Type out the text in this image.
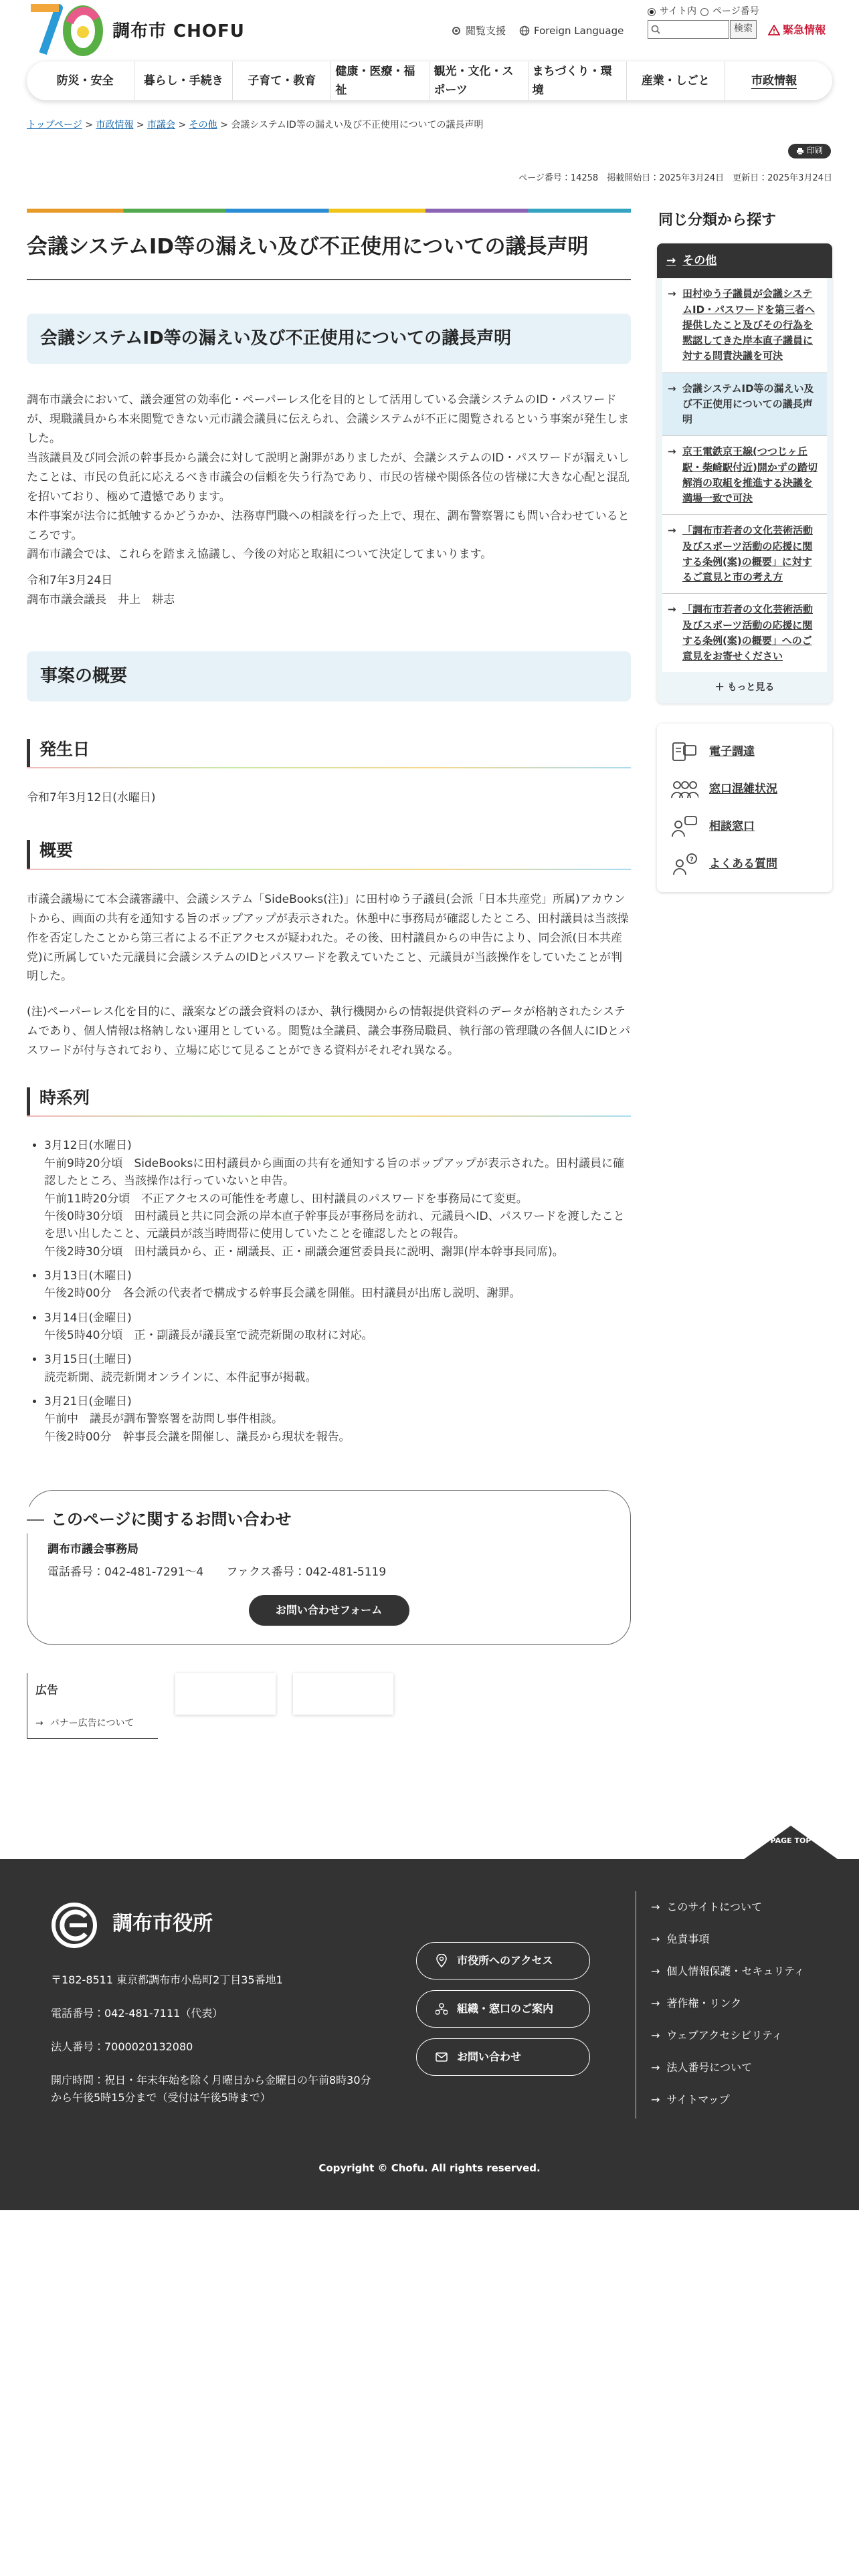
調布市 CHOFU
サイト内 ページ番号
閲覧支援	Foreign Language	検索	緊急情報
防災・安全	暮らし・手続き	子育て・教育
健康・医療・福祉
観光・文化・スポーツ
まちづくり・環境
産業・しごと	市政情報
トップページ > 市政情報 > 市議会 > その他 > 会議システムID等の漏えい及び不正使用についての議長声明
印刷
ページ番号：14258　掲載開始日：2025年3月24日　更新日：2025年3月24日
会議システムID等の漏えい及び不正使用についての議長声明
会議システムID等の漏えい及び不正使用についての議長声明

調布市議会において、議会運営の効率化・ペーパーレス化を目的として活用している会議システムのID・パスワードが、現職議員から本来閲覧できない元市議会議員に伝えられ、会議システムが不正に閲覧されるという事案が発生しました。

当該議員及び同会派の幹事長から議会に対して説明と謝罪がありましたが、会議システムのID・パスワードが漏えいしたことは、市民の負託に応えるべき市議会の信頼を失う行為であり、市民の皆様や関係各位の皆様に大きな心配と混乱を招いており、極めて遺憾であります。

本件事案が法令に抵触するかどうかか、法務専門職への相談を行った上で、現在、調布警察署にも問い合わせているところです。

調布市議会では、これらを踏まえ協議し、今後の対応と取組について決定してまいります。

令和7年3月24日

調布市議会議長　井上　耕志

事案の概要
発生日

令和7年3月12日(水曜日)

概要

市議会議場にて本会議審議中、会議システム「SideBooks(注)」に田村ゆう子議員(会派「日本共産党」所属)アカウントから、画面の共有を通知する旨のポップアップが表示された。休憩中に事務局が確認したところ、田村議員は当該操作を否定したことから第三者による不正アクセスが疑われた。その後、田村議員からの申告により、同会派(日本共産党)に所属していた元議員に会議システムのIDとパスワードを教えていたこと、元議員が当該操作をしていたことが判明した。

(注)ペーパーレス化を目的に、議案などの議会資料のほか、執行機関からの情報提供資料のデータが格納されたシステムであり、個人情報は格納しない運用としている。閲覧は全議員、議会事務局職員、執行部の管理職の各個人にIDとパスワードが付与されており、立場に応じて見ることができる資料がそれぞれ異なる。

時系列
• 3月12日(水曜日)
午前9時20分頃　SideBooksに田村議員から画面の共有を通知する旨のポップアップが表示された。田村議員に確認したところ、当該操作は行っていないと申告。
午前11時20分頃　不正アクセスの可能性を考慮し、田村議員のパスワードを事務局にて変更。
午後0時30分頃　田村議員と共に同会派の岸本直子幹事長が事務局を訪れ、元議員へID、パスワードを渡したことを思い出したこと、元議員が該当時間帯に使用していたことを確認したとの報告。
午後2時30分頃　田村議員から、正・副議長、正・副議会運営委員長に説明、謝罪(岸本幹事長同席)。
• 3月13日(木曜日)
午後2時00分　各会派の代表者で構成する幹事長会議を開催。田村議員が出席し説明、謝罪。
• 3月14日(金曜日)
午後5時40分頃　正・副議長が議長室で読売新聞の取材に対応。
• 3月15日(土曜日)
読売新聞、読売新聞オンラインに、本件記事が掲載。
• 3月21日(金曜日)
午前中　議長が調布警察署を訪問し事件相談。
午後2時00分　幹事長会議を開催し、議長から現状を報告。
このページに関するお問い合わせ
調布市議会事務局
電話番号：042-481-7291～4　　ファクス番号：042-481-5119
お問い合わせフォーム
広告
→ バナー広告について
同じ分類から探す
→ その他
→ 田村ゆう子議員が会議システムID・パスワードを第三者へ提供したこと及びその行為を黙認してきた岸本直子議員に対する問責決議を可決
→ 会議システムID等の漏えい及び不正使用についての議長声明
→ 京王電鉄京王線(つつじヶ丘駅・柴崎駅付近)開かずの踏切解消の取組を推進する決議を満場一致で可決
→ 「調布市若者の文化芸術活動及びスポーツ活動の応援に関する条例(案)の概要」に対するご意見と市の考え方
→ 「調布市若者の文化芸術活動及びスポーツ活動の応援に関する条例(案)の概要」へのご意見をお寄せください
＋ もっと見る
電子調達
窓口混雑状況
相談窓口
? よくある質問
PAGE TOP
調布市役所
〒182-8511 東京都調布市小島町2丁目35番地1
電話番号：042-481-7111（代表）
法人番号：7000020132080
開庁時間：祝日・年末年始を除く月曜日から金曜日の午前8時30分から午後5時15分まで（受付は午後5時まで）
市役所へのアクセス
組織・窓口のご案内
お問い合わせ
→ このサイトについて
→ 免責事項
→ 個人情報保護・セキュリティ
→ 著作権・リンク
→ ウェブアクセシビリティ
→ 法人番号について
→ サイトマップ
Copyright © Chofu. All rights reserved.
